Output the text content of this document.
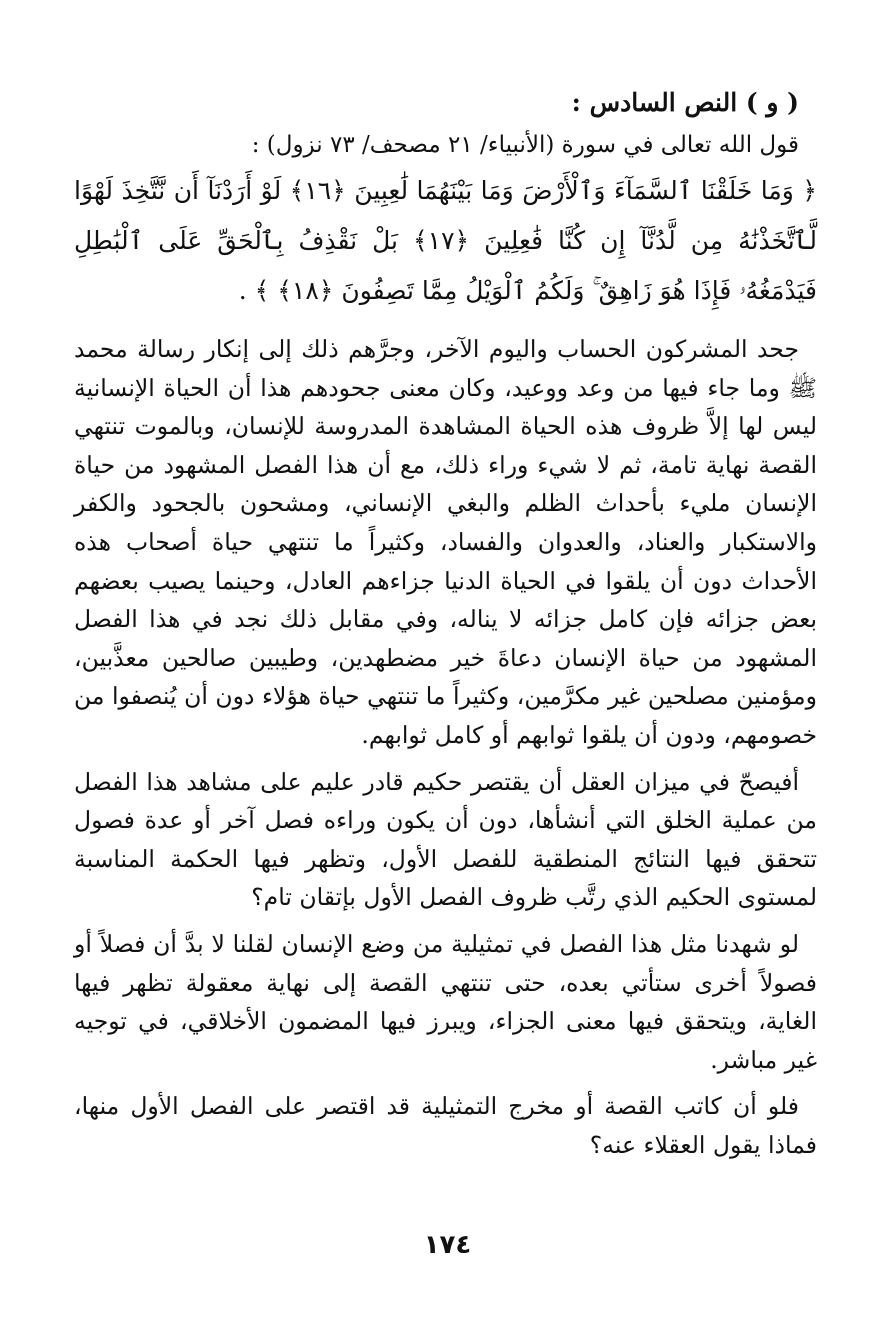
( و ) النص السادس :
قول الله تعالى في سورة (الأنبياء/ ٢١ مصحف/ ٧٣ نزول) :
﴿ وَمَا خَلَقْنَا ٱلسَّمَآءَ وَٱلْأَرْضَ وَمَا بَيْنَهُمَا لَٰعِبِينَ ﴿١٦﴾ لَوْ أَرَدْنَآ أَن نَّتَّخِذَ لَهْوًا لَّٱتَّخَذْنَٰهُ مِن لَّدُنَّآ إِن كُنَّا فَٰعِلِينَ ﴿١٧﴾ بَلْ نَقْذِفُ بِٱلْحَقِّ عَلَى ٱلْبَٰطِلِ فَيَدْمَغُهُۥ فَإِذَا هُوَ زَاهِقٌ ۚ وَلَكُمُ ٱلْوَيْلُ مِمَّا تَصِفُونَ ﴿١٨﴾ ﴾ .

جحد المشركون الحساب واليوم الآخر، وجرَّهم ذلك إلى إنكار رسالة محمد ﷺ وما جاء فيها من وعد ووعيد، وكان معنى جحودهم هذا أن الحياة الإنسانية ليس لها إلاَّ ظروف هذه الحياة المشاهدة المدروسة للإنسان، وبالموت تنتهي القصة نهاية تامة، ثم لا شيء وراء ذلك، مع أن هذا الفصل المشهود من حياة الإنسان مليء بأحداث الظلم والبغي الإنساني، ومشحون بالجحود والكفر والاستكبار والعناد، والعدوان والفساد، وكثيراً ما تنتهي حياة أصحاب هذه الأحداث دون أن يلقوا في الحياة الدنيا جزاءهم العادل، وحينما يصيب بعضهم بعض جزائه فإن كامل جزائه لا يناله، وفي مقابل ذلك نجد في هذا الفصل المشهود من حياة الإنسان دعاةَ خير مضطهدين، وطيبين صالحين معذَّبين، ومؤمنين مصلحين غير مكرَّمين، وكثيراً ما تنتهي حياة هؤلاء دون أن يُنصفوا من خصومهم، ودون أن يلقوا ثوابهم أو كامل ثوابهم.

أفيصحّ في ميزان العقل أن يقتصر حكيم قادر عليم على مشاهد هذا الفصل من عملية الخلق التي أنشأها، دون أن يكون وراءه فصل آخر أو عدة فصول تتحقق فيها النتائج المنطقية للفصل الأول، وتظهر فيها الحكمة المناسبة لمستوى الحكيم الذي رتَّب ظروف الفصل الأول بإتقان تام؟

لو شهدنا مثل هذا الفصل في تمثيلية من وضع الإنسان لقلنا لا بدَّ أن فصلاً أو فصولاً أخرى ستأتي بعده، حتى تنتهي القصة إلى نهاية معقولة تظهر فيها الغاية، ويتحقق فيها معنى الجزاء، ويبرز فيها المضمون الأخلاقي، في توجيه غير مباشر.

فلو أن كاتب القصة أو مخرج التمثيلية قد اقتصر على الفصل الأول منها، فماذا يقول العقلاء عنه؟

١٧٤
